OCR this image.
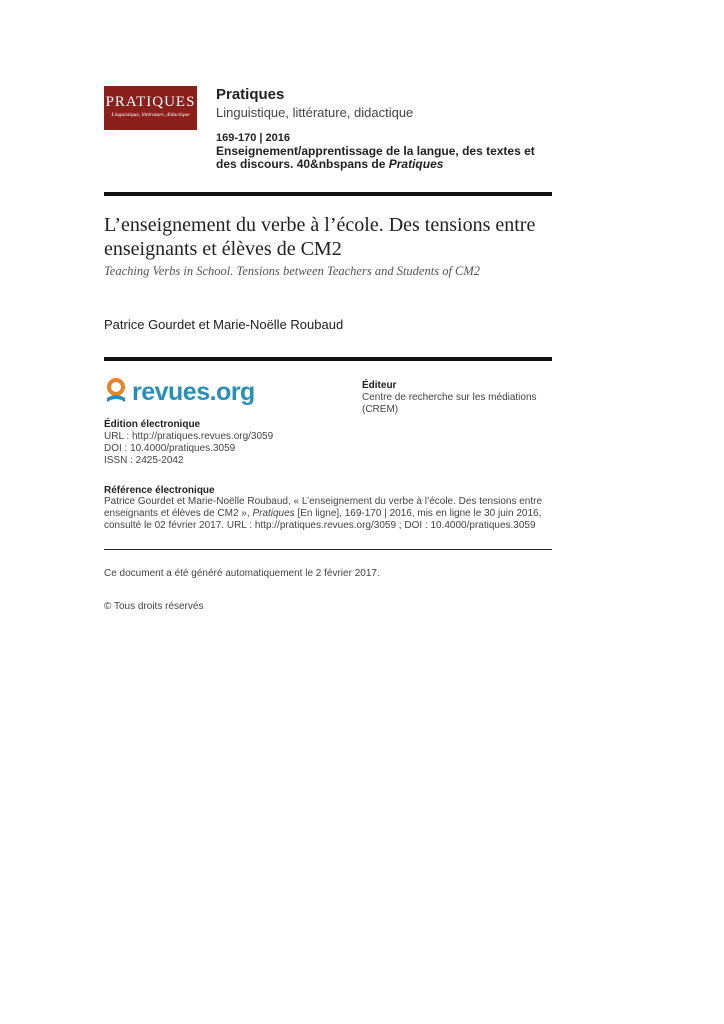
PRATIQUES
Linguistique, littérature, didactique
Pratiques
Linguistique, littérature, didactique
169-170 | 2016
Enseignement/apprentissage de la langue, des textes et des discours. 40&nbspans de Pratiques
L’enseignement du verbe à l’école. Des tensions entre enseignants et élèves de CM2
Teaching Verbs in School. Tensions between Teachers and Students of CM2
Patrice Gourdet et Marie-Noëlle Roubaud
revues.org	Éditeur
Centre de recherche sur les médiations (CREM)
Édition électronique
URL : http://pratiques.revues.org/3059
DOI : 10.4000/pratiques.3059
ISSN : 2425-2042
Référence électronique
Patrice Gourdet et Marie-Noëlle Roubaud, « L’enseignement du verbe à l’école. Des tensions entre enseignants et élèves de CM2 », Pratiques [En ligne], 169-170 | 2016, mis en ligne le 30 juin 2016, consulté le 02 février 2017. URL : http://pratiques.revues.org/3059 ; DOI : 10.4000/pratiques.3059
Ce document a été généré automatiquement le 2 février 2017.
© Tous droits réservés
